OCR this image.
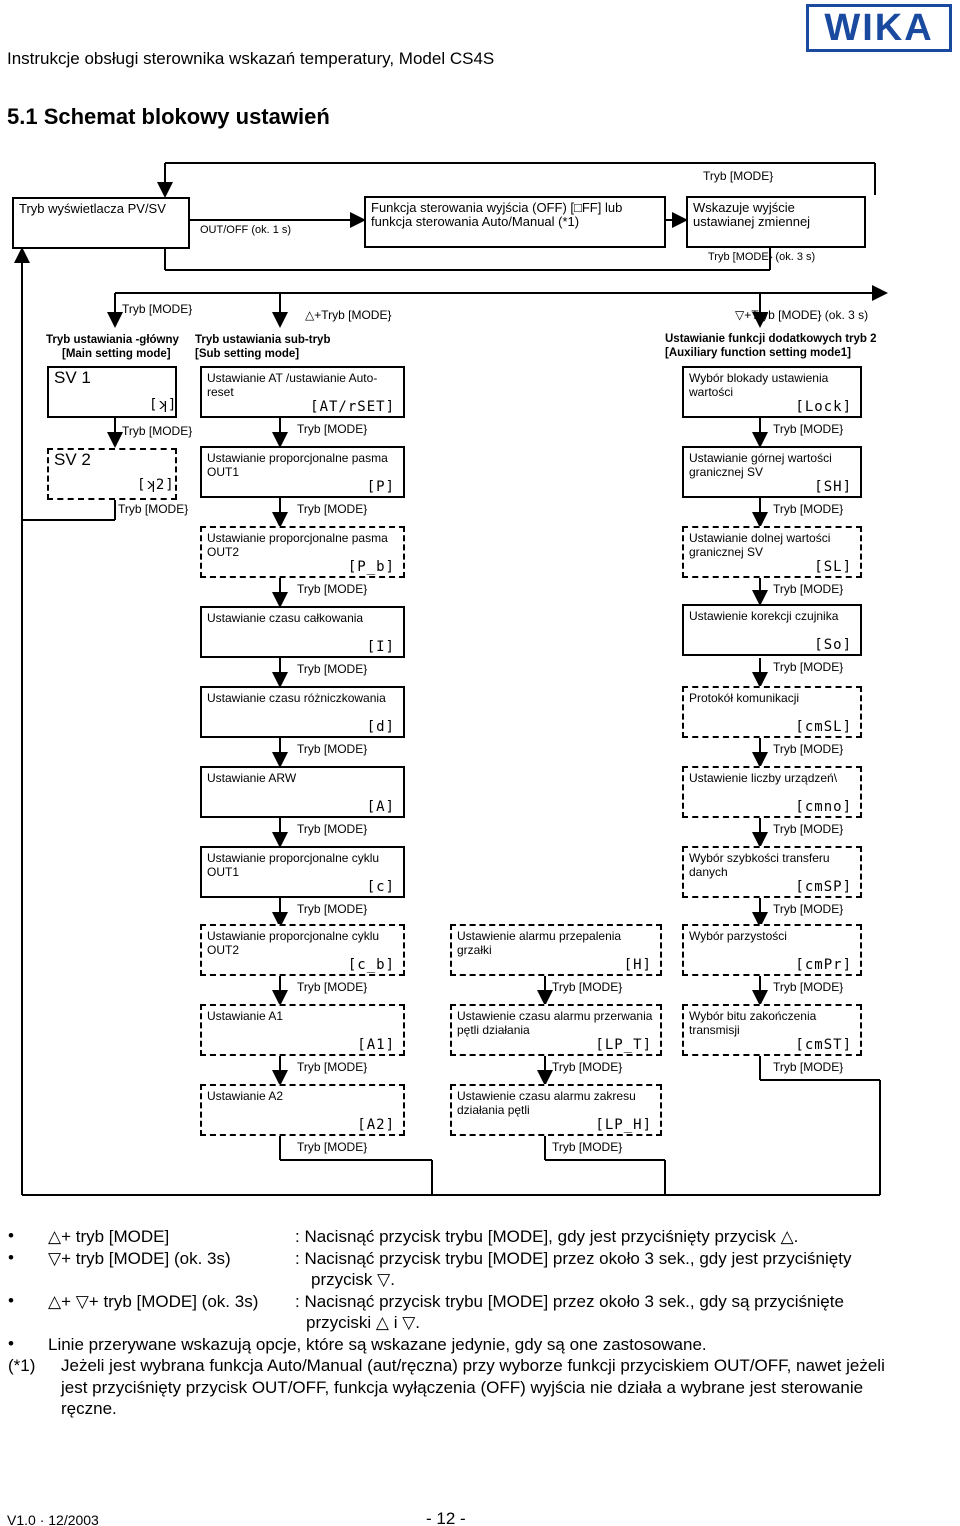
Instrukcje obsługi sterownika wskazań temperatury, Model CS4S
WIKA
5.1 Schemat blokowy ustawień
Tryb [MODE}
Tryb wyświetlacza PV/SV
OUT/OFF (ok. 1 s)
Funkcja sterowania wyjścia (OFF) [□FF] lub
funkcja sterowania Auto/Manual (*1)
Wskazuje wyjście ustawianej zmiennej
Tryb [MODE} (ok. 3 s)
Tryb [MODE}
Tryb ustawiania -główny
[Main setting mode]
SV 1
[ʞ]
Tryb [MODE}
SV 2
[ʞ2]
Tryb [MODE}
△+Tryb [MODE}
Tryb ustawiania sub-tryb
[Sub setting mode]
Ustawianie AT /ustawianie Auto-reset
[AT/rSET]
Tryb [MODE}
Ustawianie proporcjonalne pasma OUT1
[P]
Tryb [MODE}
Ustawianie proporcjonalne pasma OUT2
[P_b]
Tryb [MODE}
Ustawianie czasu całkowania
[I]
Tryb [MODE}
Ustawianie czasu różniczkowania
[d]
Tryb [MODE}
Ustawianie ARW
[A]
Tryb [MODE}
Ustawianie proporcjonalne cyklu OUT1
[c]
Tryb [MODE}
Ustawianie proporcjonalne cyklu OUT2
[c_b]
Tryb [MODE}
Ustawianie A1
[A1]
Tryb [MODE}
Ustawianie A2
[A2]
Tryb [MODE}
Ustawienie alarmu przepalenia grzałki
[H]
Tryb [MODE}
Ustawienie czasu alarmu przerwania pętli działania
[LP_T]
Tryb [MODE}
Ustawienie czasu alarmu zakresu działania pętli
[LP_H]
Tryb [MODE}
▽+Tryb [MODE} (ok. 3 s)
Ustawianie funkcji dodatkowych tryb 2
[Auxiliary function setting mode1]
Wybór blokady ustawienia wartości
[Lock]
Tryb [MODE}
Ustawianie górnej wartości granicznej SV
[SH]
Tryb [MODE}
Ustawianie dolnej wartości granicznej SV
[SL]
Tryb [MODE}
Ustawienie korekcji czujnika
[So]
Tryb [MODE}
Protokół komunikacji
[cmSL]
Tryb [MODE}
Ustawienie liczby urządzeń\
[cmno]
Tryb [MODE}
Wybór szybkości transferu danych
[cmSP]
Tryb [MODE}
Wybór parzystości
[cmPr]
Tryb [MODE}
Wybór bitu zakończenia transmisji
[cmST]
Tryb [MODE}
• △+ tryb [MODE]	: Nacisnąć przycisk trybu [MODE], gdy jest przyciśnięty przycisk △.
• ▽+ tryb [MODE] (ok. 3s)	: Nacisnąć przycisk trybu [MODE] przez około 3 sek., gdy jest przyciśnięty
przycisk ▽.
• △+ ▽+ tryb [MODE] (ok. 3s) : Nacisnąć przycisk trybu [MODE] przez około 3 sek., gdy są przyciśnięte
przyciski △ i ▽.
• Linie przerywane wskazują opcje, które są wskazane jedynie, gdy są one zastosowane.
(*1) Jeżeli jest wybrana funkcja Auto/Manual (aut/ręczna) przy wyborze funkcji przyciskiem OUT/OFF, nawet jeżeli
jest przyciśnięty przycisk OUT/OFF, funkcja wyłączenia (OFF) wyjścia nie działa a wybrane jest sterowanie
ręczne.
V1.0 · 12/2003	- 12 -
